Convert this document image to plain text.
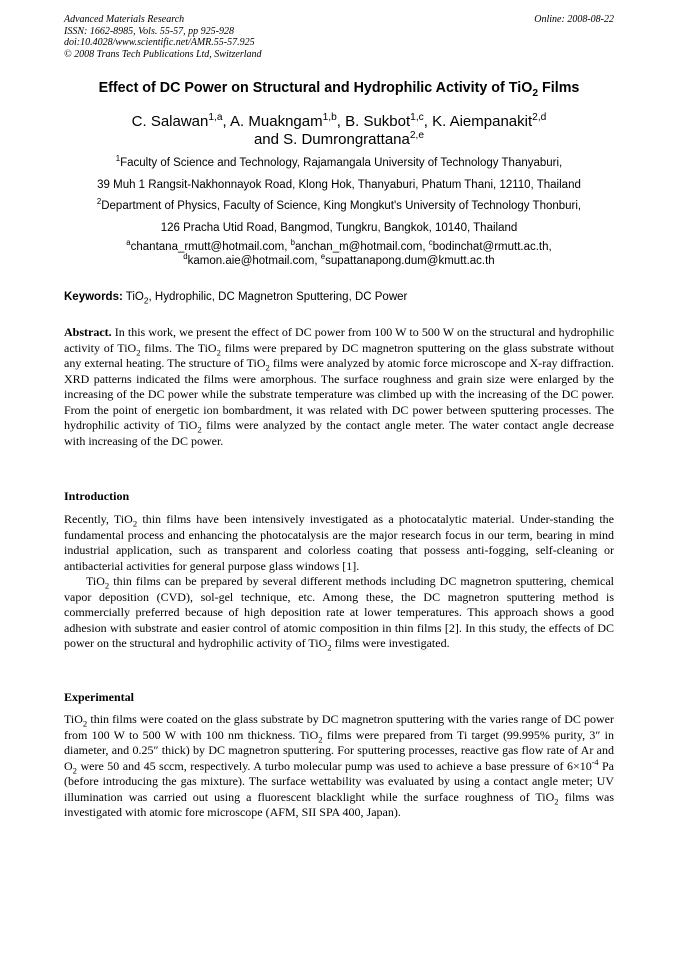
Advanced Materials Research
ISSN: 1662-8985, Vols. 55-57, pp 925-928
doi:10.4028/www.scientific.net/AMR.55-57.925
© 2008 Trans Tech Publications Ltd, Switzerland
Online: 2008-08-22
Effect of DC Power on Structural and Hydrophilic Activity of TiO$_2$ Films
C. Salawan$^{1,a}$, A. Muakngam$^{1,b}$, B. Sukbot$^{1,c}$, K. Aiempanakit$^{2,d}$
and S. Dumrongrattana$^{2,e}$
$^1$Faculty of Science and Technology, Rajamangala University of Technology Thanyaburi,
39 Muh 1 Rangsit-Nakhonnayok Road, Klong Hok, Thanyaburi, Phatum Thani, 12110, Thailand
$^2$Department of Physics, Faculty of Science, King Mongkut's University of Technology Thonburi,
126 Pracha Utid Road, Bangmod, Tungkru, Bangkok, 10140, Thailand
$^a$chantana_rmutt@hotmail.com, $^b$anchan_m@hotmail.com, $^c$bodinchat@rmutt.ac.th,
$^d$kamon.aie@hotmail.com, $^e$supattanapong.dum@kmutt.ac.th
Keywords: TiO$_2$, Hydrophilic, DC Magnetron Sputtering, DC Power
Abstract. In this work, we present the effect of DC power from 100 W to 500 W on the structural and hydrophilic activity of TiO$_2$ films. The TiO$_2$ films were prepared by DC magnetron sputtering on the glass substrate without any external heating. The structure of TiO$_2$ films were analyzed by atomic force microscope and X-ray diffraction. XRD patterns indicated the films were amorphous. The surface roughness and grain size were enlarged by the increasing of the DC power while the substrate temperature was climbed up with the increasing of the DC power. From the point of energetic ion bombardment, it was related with DC power between sputtering processes. The hydrophilic activity of TiO$_2$ films were analyzed by the contact angle meter. The water contact angle decrease with increasing of the DC power.
Introduction

Recently, TiO$_2$ thin films have been intensively investigated as a photocatalytic material. Under-standing the fundamental process and enhancing the photocatalysis are the major research focus in our term, bearing in mind industrial application, such as transparent and colorless coating that possess anti-fogging, self-cleaning or antibacterial activities for general purpose glass windows [1].

TiO$_2$ thin films can be prepared by several different methods including DC magnetron sputtering, chemical vapor deposition (CVD), sol-gel technique, etc. Among these, the DC magnetron sputtering method is commercially preferred because of high deposition rate at lower temperatures. This approach shows a good adhesion with substrate and easier control of atomic composition in thin films [2]. In this study, the effects of DC power on the structural and hydrophilic activity of TiO$_2$ films were investigated.

Experimental
TiO$_2$ thin films were coated on the glass substrate by DC magnetron sputtering with the varies range of DC power from 100 W to 500 W with 100 nm thickness. TiO$_2$ films were prepared from Ti target (99.995% purity, 3″ in diameter, and 0.25″ thick) by DC magnetron sputtering. For sputtering processes, reactive gas flow rate of Ar and $O_2$ were 50 and 45 sccm, respectively. A turbo molecular pump was used to achieve a base pressure of $6\times 10^{-4}$ Pa (before introducing the gas mixture). The surface wettability was evaluated by using a contact angle meter; UV illumination was carried out using a fluorescent blacklight while the surface roughness of TiO$_2$ films was investigated with atomic fore microscope (AFM, SII SPA 400, Japan).
